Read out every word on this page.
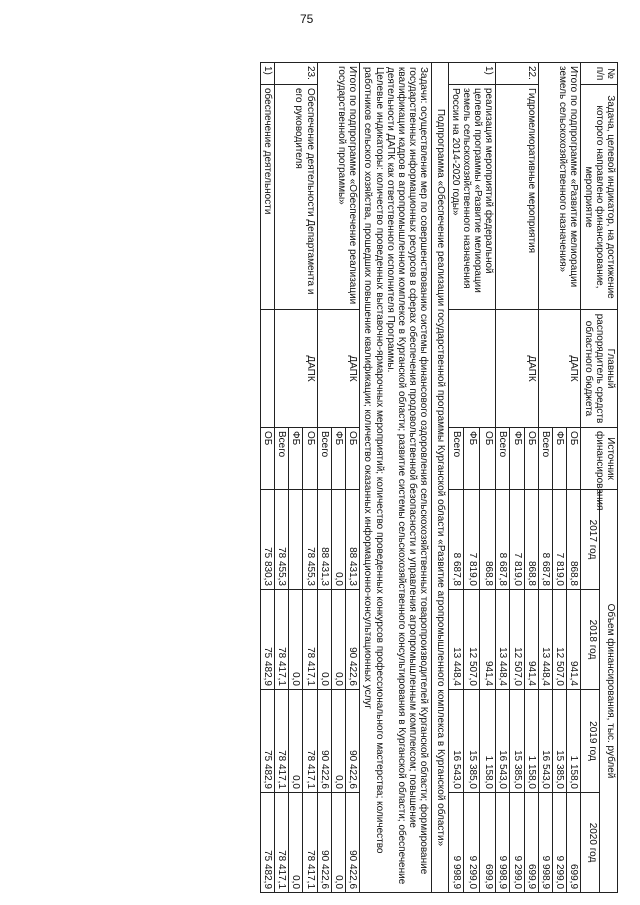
75
№ п/п	Задача, целевой индикатор, на достижение которого направлено финансирование, мероприятие	Главный распорядитель средств областного бюджета	Источник финансирования	Объем финансирования, тыс. рублей			
				2017 год	2018 год	2019 год	2020 год
Итого по подпрограмме «Развитие мелиорации земель сельскохозяйственного назначения»		ДАПК	ОБ	868,8	941,4	1 158,0	699,9
			ФБ	7 819,0	12 507,0	15 385,0	9 299,0
			Всего	8 687,8	13 448,4	16 543,0	9 998,9
22.	Гидромелиоративные мероприятия	ДАПК	ОБ	868,8	941,4	1 158,0	699,9
			ФБ	7 819,0	12 507,0	15 385,0	9 299,0
			Всего	8 687,8	13 448,4	16 543,0	9 998,9
1)	реализация мероприятий федеральной целевой программы «Развитие мелиорации земель сельскохозяйственного назначения России на 2014-2020 годы»		ОБ	868,8	941,4	1 158,0	699,9
			ФБ	7 819,0	12 507,0	15 385,0	9 299,0
			Всего	8 687,8	13 448,4	16 543,0	9 998,9
Подпрограмма «Обеспечение реализации государственной программы Курганской области «Развитие агропромышленного комплекса в Курганской области»							

Задачи: осуществление мер по совершенствованию системы финансового оздоровления сельскохозяйственных товаропроизводителей Курганской области; формирование государственных информационных ресурсов в сферах обеспечения продовольственной безопасности и управления агропромышленным комплексом; повышение квалификации кадров в агропромышленном комплексе в Курганской области; развитие системы сельскохозяйственного консультирования в Курганской области; обеспечение деятельности ДАПК как ответственного исполнителя Программы.
Целевые индикаторы: количество проведенных выставочно-ярмарочных мероприятий; количество проведенных конкурсов профессионального мастерства; количество работников сельского хозяйства, прошедших повышение квалификации; количество оказанных информационно-консультационных услуг							

Итого по подпрограмме «Обеспечение реализации государственной программы»		ДАПК	ОБ	88 431,3	90 422,6	90 422,6	90 422,6
			ФБ	0,0	0,0	0,0	0,0
			Всего	88 431,3	0,0	90 422,6	90 422,6
23.	Обеспечение деятельности Департамента и его руководителя	ДАПК	ОБ	78 455,3	78 417,1	78 417,1	78 417,1
			ФБ		0,0	0,0	0,0
			Всего	78 455,3	78 417,1	78 417,1	78 417,1
1)	обеспечение деятельности		ОБ	75 830,3	75 482,9	75 482,9	75 482,9
